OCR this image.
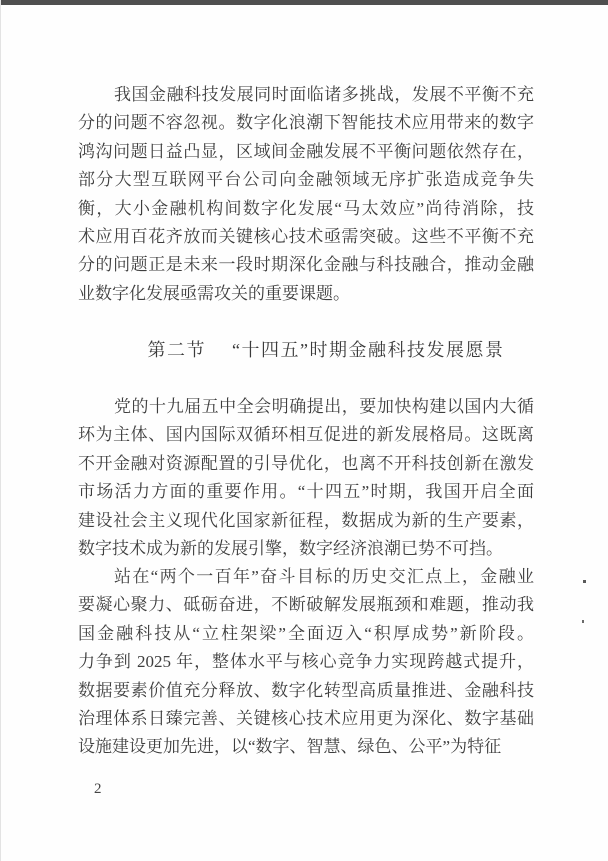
我国金融科技发展同时面临诸多挑战，发展不平衡不充
分的问题不容忽视。数字化浪潮下智能技术应用带来的数字
鸿沟问题日益凸显，区域间金融发展不平衡问题依然存在，
部分大型互联网平台公司向金融领域无序扩张造成竞争失
衡，大小金融机构间数字化发展“马太效应”尚待消除，技
术应用百花齐放而关键核心技术亟需突破。这些不平衡不充
分的问题正是未来一段时期深化金融与科技融合，推动金融
业数字化发展亟需攻关的重要课题。
第二节 “十四五”时期金融科技发展愿景
党的十九届五中全会明确提出，要加快构建以国内大循
环为主体、国内国际双循环相互促进的新发展格局。这既离
不开金融对资源配置的引导优化，也离不开科技创新在激发
市场活力方面的重要作用。“十四五”时期，我国开启全面
建设社会主义现代化国家新征程，数据成为新的生产要素，
数字技术成为新的发展引擎，数字经济浪潮已势不可挡。
站在“两个一百年”奋斗目标的历史交汇点上，金融业
要凝心聚力、砥砺奋进，不断破解发展瓶颈和难题，推动我
国金融科技从“立柱架梁”全面迈入“积厚成势”新阶段。
力争到 2025 年，整体水平与核心竞争力实现跨越式提升，
数据要素价值充分释放、数字化转型高质量推进、金融科技
治理体系日臻完善、关键核心技术应用更为深化、数字基础
设施建设更加先进，以“数字、智慧、绿色、公平”为特征
2
